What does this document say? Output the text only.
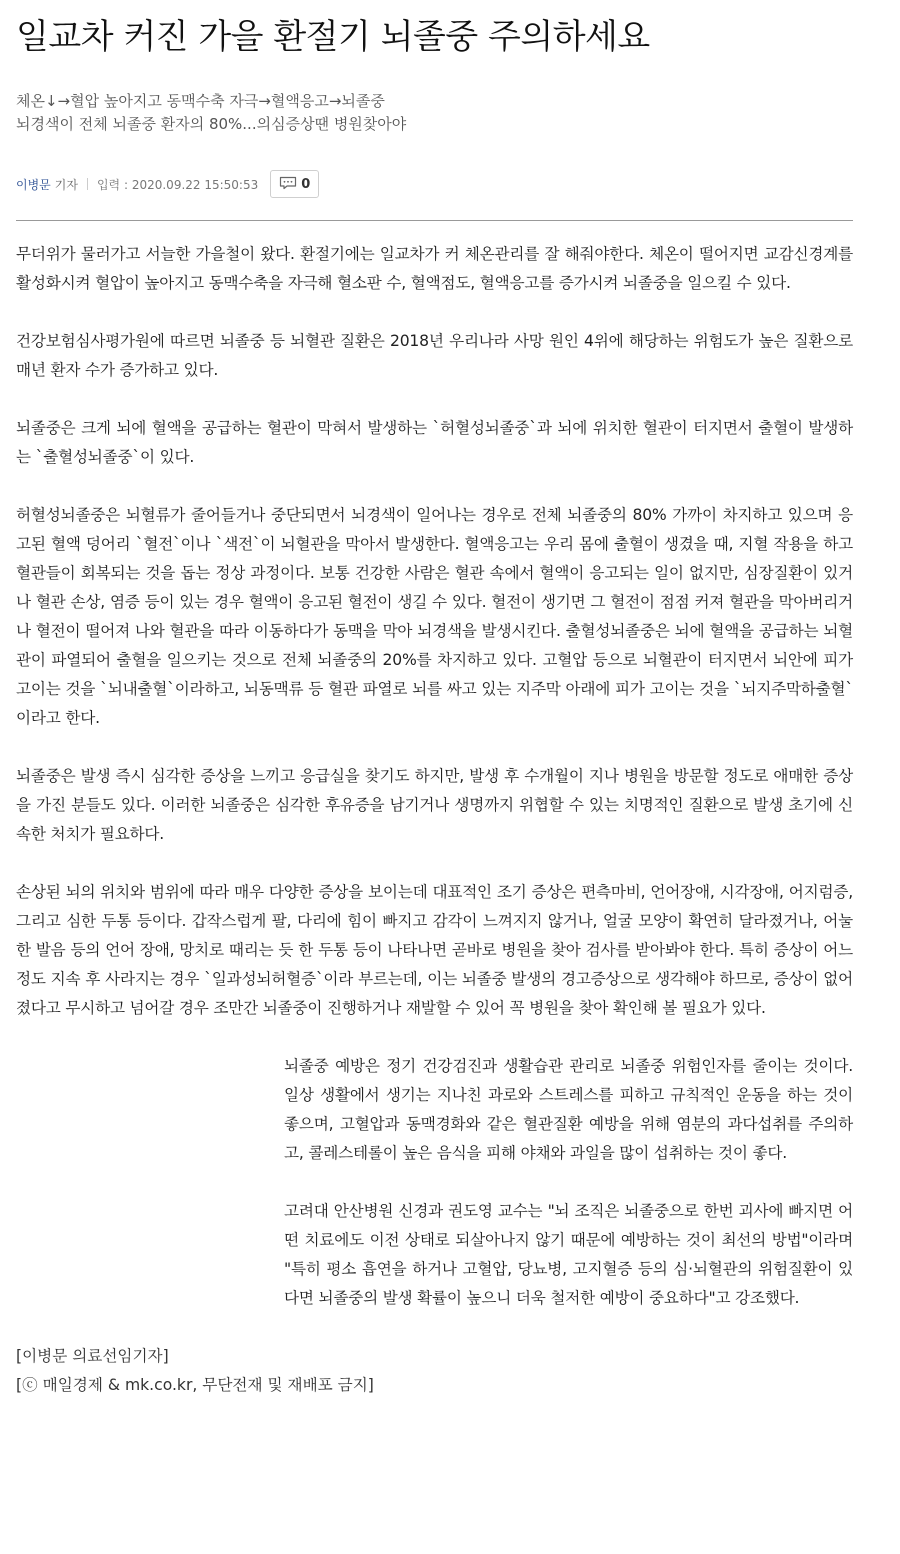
일교차 커진 가을 환절기 뇌졸중 주의하세요
체온↓→혈압 높아지고 동맥수축 자극→혈액응고→뇌졸중
뇌경색이 전체 뇌졸중 환자의 80%...의심증상땐 병원찾아야
이병문 기자 입력 : 2020.09.22 15:50:53	0

무더위가 물러가고 서늘한 가을철이 왔다. 환절기에는 일교차가 커 체온관리를 잘 해줘야한다. 체온이 떨어지면 교감신경계를 활성화시켜 혈압이 높아지고 동맥수축을 자극해 혈소판 수, 혈액점도, 혈액응고를 증가시켜 뇌졸중을 일으킬 수 있다.

건강보험심사평가원에 따르면 뇌졸중 등 뇌혈관 질환은 2018년 우리나라 사망 원인 4위에 해당하는 위험도가 높은 질환으로 매년 환자 수가 증가하고 있다.

뇌졸중은 크게 뇌에 혈액을 공급하는 혈관이 막혀서 발생하는 `허혈성뇌졸중`과 뇌에 위치한 혈관이 터지면서 출혈이 발생하는 `출혈성뇌졸중`이 있다.

허혈성뇌졸중은 뇌혈류가 줄어들거나 중단되면서 뇌경색이 일어나는 경우로 전체 뇌졸중의 80% 가까이 차지하고 있으며 응고된 혈액 덩어리 `혈전`이나 `색전`이 뇌혈관을 막아서 발생한다. 혈액응고는 우리 몸에 출혈이 생겼을 때, 지혈 작용을 하고 혈관들이 회복되는 것을 돕는 정상 과정이다. 보통 건강한 사람은 혈관 속에서 혈액이 응고되는 일이 없지만, 심장질환이 있거나 혈관 손상, 염증 등이 있는 경우 혈액이 응고된 혈전이 생길 수 있다. 혈전이 생기면 그 혈전이 점점 커져 혈관을 막아버리거나 혈전이 떨어져 나와 혈관을 따라 이동하다가 동맥을 막아 뇌경색을 발생시킨다. 출혈성뇌졸중은 뇌에 혈액을 공급하는 뇌혈관이 파열되어 출혈을 일으키는 것으로 전체 뇌졸중의 20%를 차지하고 있다. 고혈압 등으로 뇌혈관이 터지면서 뇌안에 피가 고이는 것을 `뇌내출혈`이라하고, 뇌동맥류 등 혈관 파열로 뇌를 싸고 있는 지주막 아래에 피가 고이는 것을 `뇌지주막하출혈`이라고 한다.

뇌졸중은 발생 즉시 심각한 증상을 느끼고 응급실을 찾기도 하지만, 발생 후 수개월이 지나 병원을 방문할 정도로 애매한 증상을 가진 분들도 있다. 이러한 뇌졸중은 심각한 후유증을 남기거나 생명까지 위협할 수 있는 치명적인 질환으로 발생 초기에 신속한 처치가 필요하다.

손상된 뇌의 위치와 범위에 따라 매우 다양한 증상을 보이는데 대표적인 조기 증상은 편측마비, 언어장애, 시각장애, 어지럼증, 그리고 심한 두통 등이다. 갑작스럽게 팔, 다리에 힘이 빠지고 감각이 느껴지지 않거나, 얼굴 모양이 확연히 달라졌거나, 어눌한 발음 등의 언어 장애, 망치로 때리는 듯 한 두통 등이 나타나면 곧바로 병원을 찾아 검사를 받아봐야 한다. 특히 증상이 어느 정도 지속 후 사라지는 경우 `일과성뇌허혈증`이라 부르는데, 이는 뇌졸중 발생의 경고증상으로 생각해야 하므로, 증상이 없어졌다고 무시하고 넘어갈 경우 조만간 뇌졸중이 진행하거나 재발할 수 있어 꼭 병원을 찾아 확인해 볼 필요가 있다.

뇌졸중 예방은 정기 건강검진과 생활습관 관리로 뇌졸중 위험인자를 줄이는 것이다. 일상 생활에서 생기는 지나친 과로와 스트레스를 피하고 규칙적인 운동을 하는 것이 좋으며, 고혈압과 동맥경화와 같은 혈관질환 예방을 위해 염분의 과다섭취를 주의하고, 콜레스테롤이 높은 음식을 피해 야채와 과일을 많이 섭취하는 것이 좋다.

고려대 안산병원 신경과 권도영 교수는 "뇌 조직은 뇌졸중으로 한번 괴사에 빠지면 어떤 치료에도 이전 상태로 되살아나지 않기 때문에 예방하는 것이 최선의 방법"이라며 "특히 평소 흡연을 하거나 고혈압, 당뇨병, 고지혈증 등의 심·뇌혈관의 위험질환이 있다면 뇌졸중의 발생 확률이 높으니 더욱 철저한 예방이 중요하다"고 강조했다.

[이병문 의료선임기자]
[ⓒ 매일경제 & mk.co.kr, 무단전재 및 재배포 금지]
